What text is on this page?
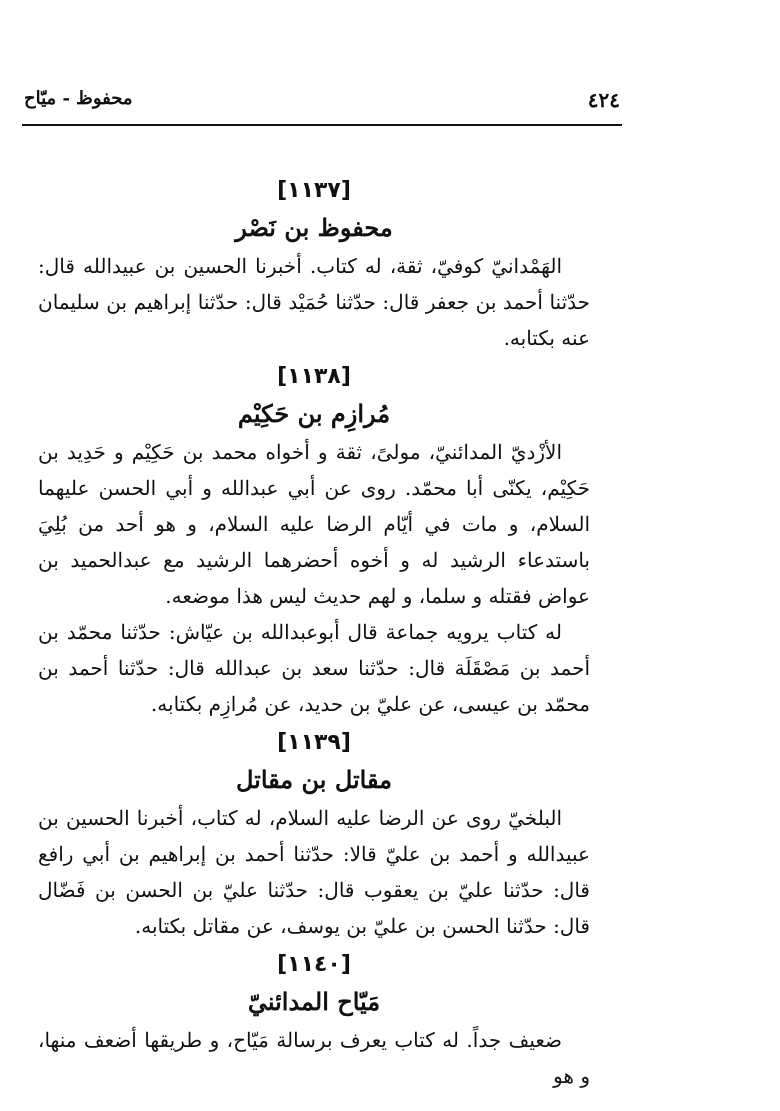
٤٢٤
محفوظ - ميّاح
[١١٣٧]
محفوظ بن نَصْر

الهَمْدانيّ كوفيّ، ثقة، له كتاب. أخبرنا الحسين بن عبيدالله قال: حدّثنا أحمد بن جعفر قال: حدّثنا حُمَيْد قال: حدّثنا إبراهيم بن سليمان عنه بكتابه.

[١١٣٨]
مُرازِم بن حَكِيْم

الأزْديّ المدائنيّ، مولىً، ثقة و أخواه محمد بن حَكِيْم و حَدِيد بن حَكِيْم، يكنّى أبا محمّد. روى عن أبي عبدالله و أبي الحسن عليهما السلام، و مات في أيّام الرضا عليه السلام، و هو أحد من بُلِيَ باستدعاء الرشيد له و أخوه أحضرهما الرشيد مع عبدالحميد بن عواض فقتله و سلما، و لهم حديث ليس هذا موضعه.

له كتاب يرويه جماعة قال أبوعبدالله بن عيّاش: حدّثنا محمّد بن أحمد بن مَصْقَلَة قال: حدّثنا سعد بن عبدالله قال: حدّثنا أحمد بن محمّد بن عيسى، عن عليّ بن حديد، عن مُرازِم بكتابه.

[١١٣٩]
مقاتل بن مقاتل

البلخيّ روى عن الرضا عليه السلام، له كتاب، أخبرنا الحسين بن عبيدالله و أحمد بن عليّ قالا: حدّثنا أحمد بن إبراهيم بن أبي رافع قال: حدّثنا عليّ بن يعقوب قال: حدّثنا عليّ بن الحسن بن فَضّال قال: حدّثنا الحسن بن عليّ بن يوسف، عن مقاتل بكتابه.

[١١٤٠]
مَيّاح المدائنيّ

ضعيف جداً. له كتاب يعرف برسالة مَيّاح، و طريقها أضعف منها، و هو
